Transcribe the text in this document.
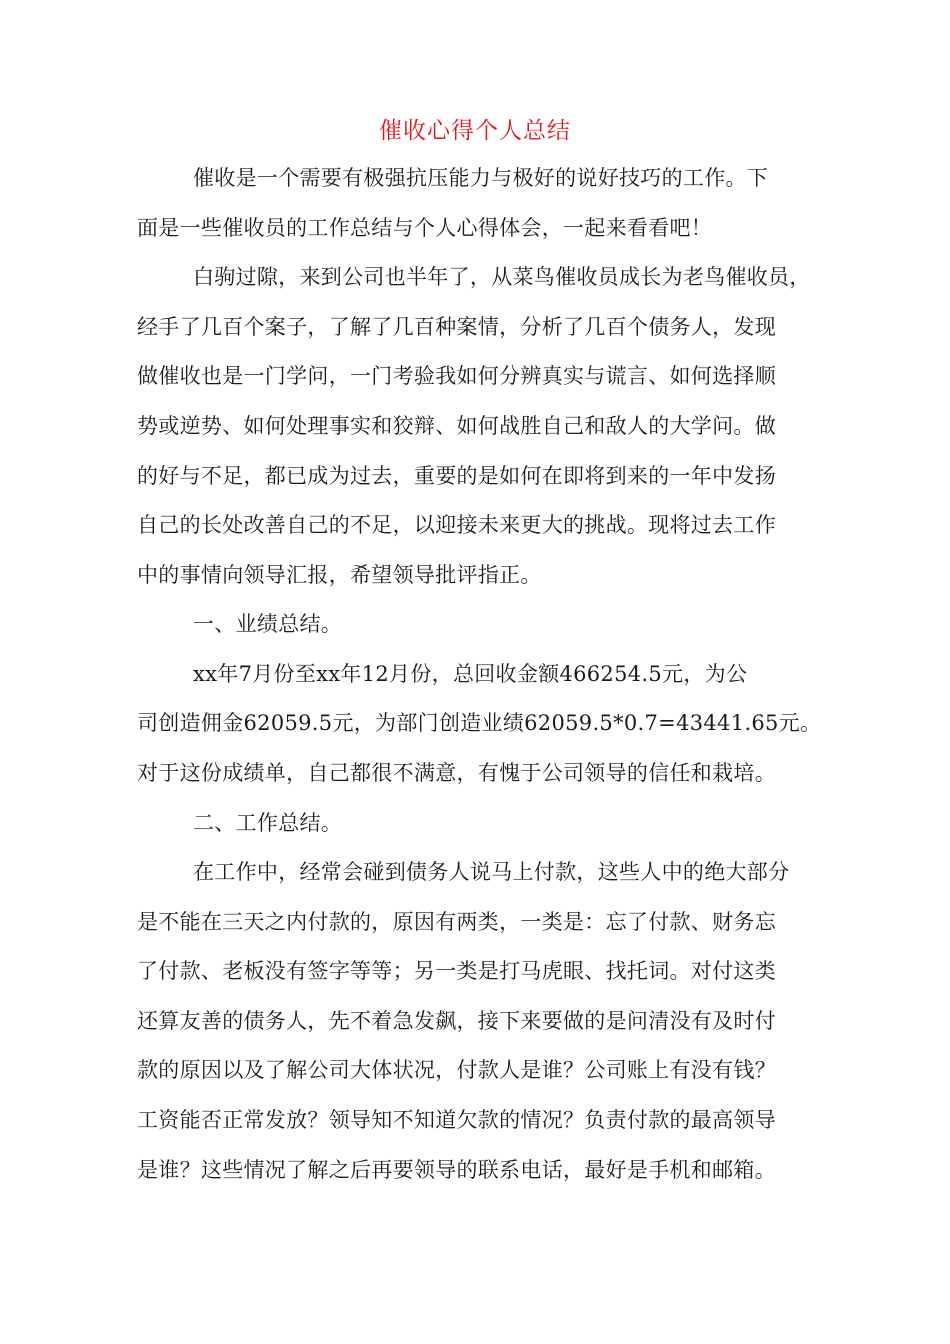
催收心得个人总结
催收是一个需要有极强抗压能力与极好的说好技巧的工作。下
面是一些催收员的工作总结与个人心得体会，一起来看看吧！
白驹过隙，来到公司也半年了，从菜鸟催收员成长为老鸟催收员，
经手了几百个案子，了解了几百种案情，分析了几百个债务人，发现
做催收也是一门学问，一门考验我如何分辨真实与谎言、如何选择顺
势或逆势、如何处理事实和狡辩、如何战胜自己和敌人的大学问。做
的好与不足，都已成为过去，重要的是如何在即将到来的一年中发扬
自己的长处改善自己的不足，以迎接未来更大的挑战。现将过去工作
中的事情向领导汇报，希望领导批评指正。
一、业绩总结。
xx年7月份至xx年12月份，总回收金额466254.5元，为公
司创造佣金62059.5元，为部门创造业绩62059.5*0.7=43441.65元。
对于这份成绩单，自己都很不满意，有愧于公司领导的信任和栽培。
二、工作总结。
在工作中，经常会碰到债务人说马上付款，这些人中的绝大部分
是不能在三天之内付款的，原因有两类，一类是：忘了付款、财务忘
了付款、老板没有签字等等；另一类是打马虎眼、找托词。对付这类
还算友善的债务人，先不着急发飙，接下来要做的是问清没有及时付
款的原因以及了解公司大体状况，付款人是谁？公司账上有没有钱？
工资能否正常发放？领导知不知道欠款的情况？负责付款的最高领导
是谁？这些情况了解之后再要领导的联系电话，最好是手机和邮箱。
